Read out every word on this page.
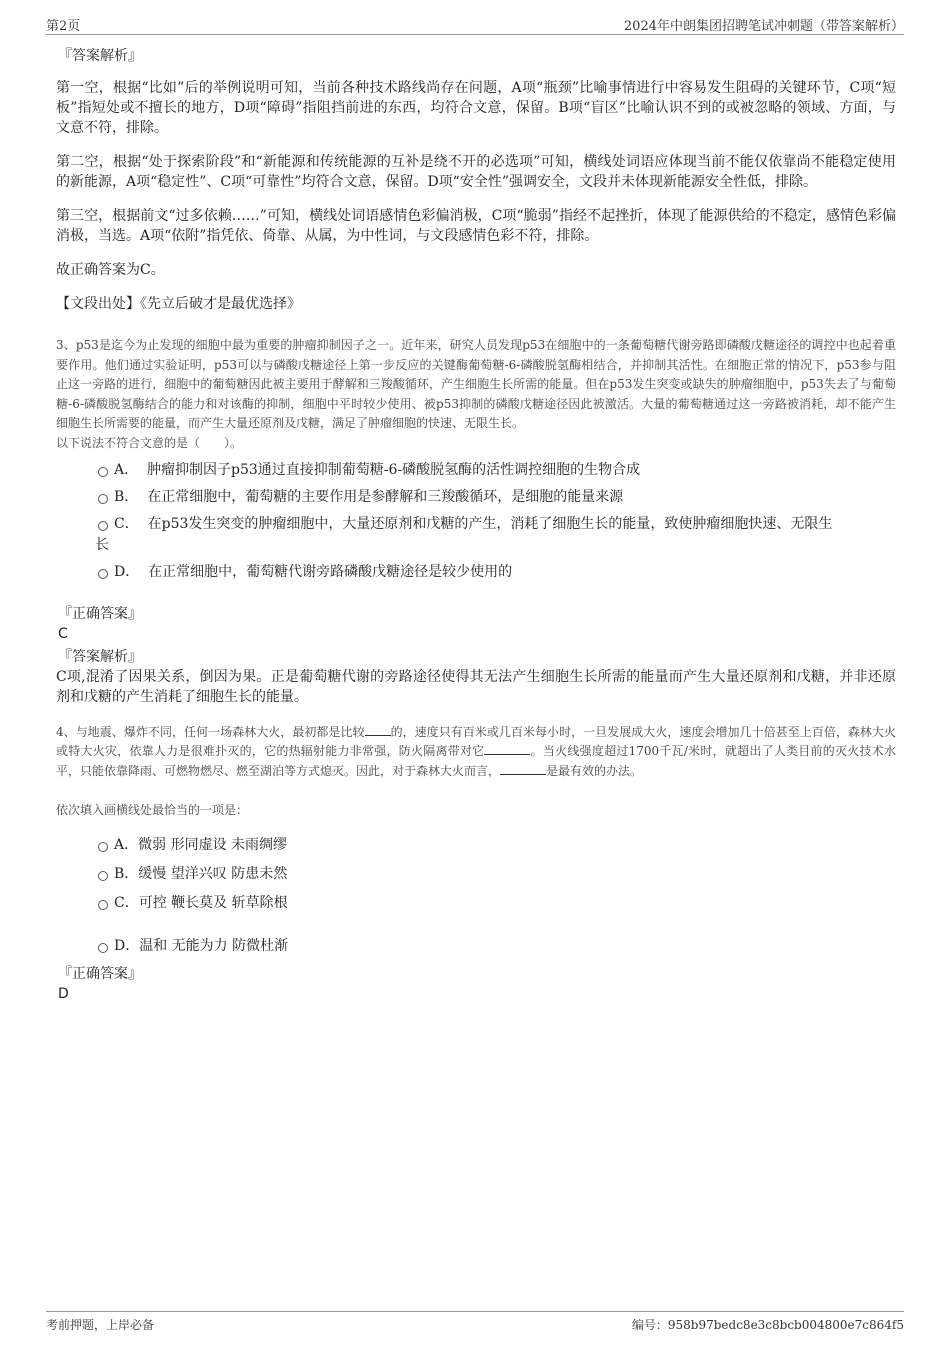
第2页	2024年中朗集团招聘笔试冲刺题（带答案解析）
『答案解析』

第一空，根据“比如”后的举例说明可知，当前各种技术路线尚存在问题，A项“瓶颈”比喻事情进行中容易发生阻碍的关键环节，C项“短板”指短处或不擅长的地方，D项“障碍”指阻挡前进的东西，均符合文意，保留。B项“盲区”比喻认识不到的或被忽略的领域、方面，与文意不符，排除。

第二空，根据“处于探索阶段”和“新能源和传统能源的互补是绕不开的必选项”可知，横线处词语应体现当前不能仅依靠尚不能稳定使用的新能源，A项“稳定性”、C项“可靠性”均符合文意，保留。D项“安全性”强调安全，文段并未体现新能源安全性低，排除。

第三空，根据前文“过多依赖……”可知，横线处词语感情色彩偏消极，C项“脆弱”指经不起挫折，体现了能源供给的不稳定，感情色彩偏消极，当选。A项“依附”指凭依、倚靠、从属，为中性词，与文段感情色彩不符，排除。

故正确答案为C。

【文段出处】《先立后破才是最优选择》

3、p53是迄今为止发现的细胞中最为重要的肿瘤抑制因子之一。近年来，研究人员发现p53在细胞中的一条葡萄糖代谢旁路即磷酸戊糖途径的调控中也起着重要作用。他们通过实验证明，p53可以与磷酸戊糖途径上第一步反应的关键酶葡萄糖-6-磷酸脱氢酶相结合，并抑制其活性。在细胞正常的情况下，p53参与阻止这一旁路的进行，细胞中的葡萄糖因此被主要用于酵解和三羧酸循环，产生细胞生长所需的能量。但在p53发生突变或缺失的肿瘤细胞中，p53失去了与葡萄糖-6-磷酸脱氢酶结合的能力和对该酶的抑制，细胞中平时较少使用、被p53抑制的磷酸戊糖途径因此被激活。大量的葡萄糖通过这一旁路被消耗，却不能产生细胞生长所需要的能量，而产生大量还原剂及戊糖，满足了肿瘤细胞的快速、无限生长。

以下说法不符合文意的是（　　）。

A． 肿瘤抑制因子p53通过直接抑制葡萄糖-6-磷酸脱氢酶的活性调控细胞的生物合成
B． 在正常细胞中，葡萄糖的主要作用是参酵解和三羧酸循环，是细胞的能量来源
C． 在p53发生突变的肿瘤细胞中，大量还原剂和戊糖的产生，消耗了细胞生长的能量，致使肿瘤细胞快速、无限生
长
D． 在正常细胞中，葡萄糖代谢旁路磷酸戊糖途径是较少使用的
『正确答案』
C
『答案解析』

C项,混淆了因果关系，倒因为果。正是葡萄糖代谢的旁路途径使得其无法产生细胞生长所需的能量而产生大量还原剂和戊糖，并非还原剂和戊糖的产生消耗了细胞生长的能量。

4、与地震、爆炸不同，任何一场森林大火，最初都是比较 的，速度只有百米或几百米每小时，一旦发展成大火，速度会增加几十倍甚至上百倍，森林大火或特大火灾，依靠人力是很难扑灭的，它的热辐射能力非常强，防火隔离带对它	。当火线强度超过1700千瓦/米时，就超出了人类目前的灭火技术水平，只能依靠降雨、可燃物燃尽、燃至湖泊等方式熄灭。因此，对于森林大火而言，	是最有效的办法。

依次填入画横线处最恰当的一项是：

A．微弱 形同虚设 未雨绸缪
B．缓慢 望洋兴叹 防患未然
C．可控 鞭长莫及 斩草除根
D．温和 无能为力 防微杜渐
『正确答案』
D
考前押题，上岸必备	编号：958b97bedc8e3c8bcb004800e7c864f5
